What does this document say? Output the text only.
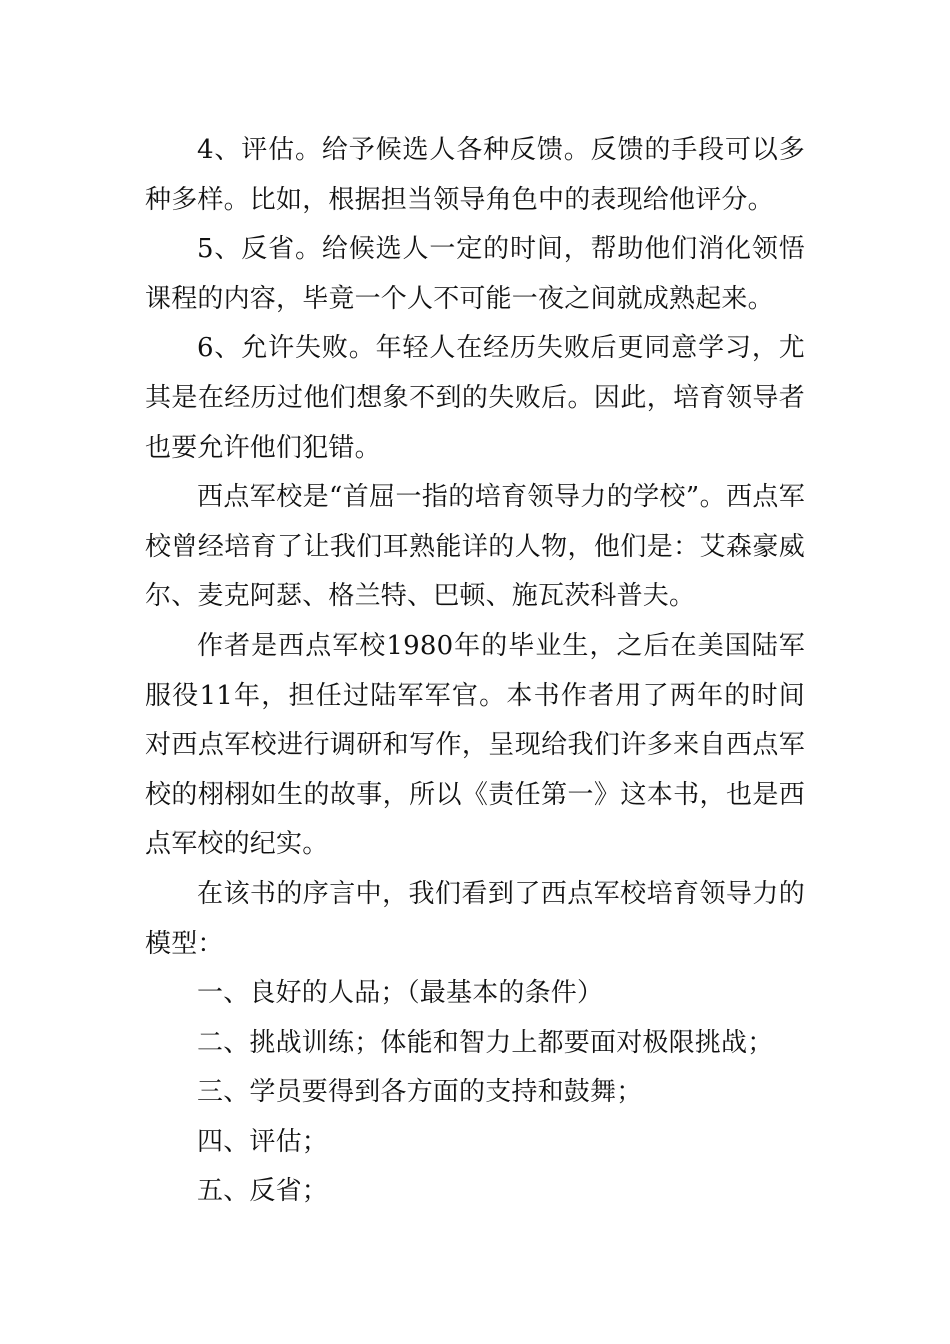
4、评估。给予候选人各种反馈。反馈的手段可以多种多样。比如，根据担当领导角色中的表现给他评分。

5、反省。给候选人一定的时间，帮助他们消化领悟课程的内容，毕竟一个人不可能一夜之间就成熟起来。

6、允许失败。年轻人在经历失败后更同意学习，尤其是在经历过他们想象不到的失败后。因此，培育领导者也要允许他们犯错。

西点军校是“首屈一指的培育领导力的学校”。西点军校曾经培育了让我们耳熟能详的人物，他们是：艾森豪威尔、麦克阿瑟、格兰特、巴顿、施瓦茨科普夫。

作者是西点军校1980年的毕业生，之后在美国陆军服役11年，担任过陆军军官。本书作者用了两年的时间对西点军校进行调研和写作，呈现给我们许多来自西点军校的栩栩如生的故事，所以《责任第一》这本书，也是西点军校的纪实。

在该书的序言中，我们看到了西点军校培育领导力的模型：

一、良好的人品；（最基本的条件）

二、挑战训练；体能和智力上都要面对极限挑战；

三、学员要得到各方面的支持和鼓舞；

四、评估；

五、反省；
